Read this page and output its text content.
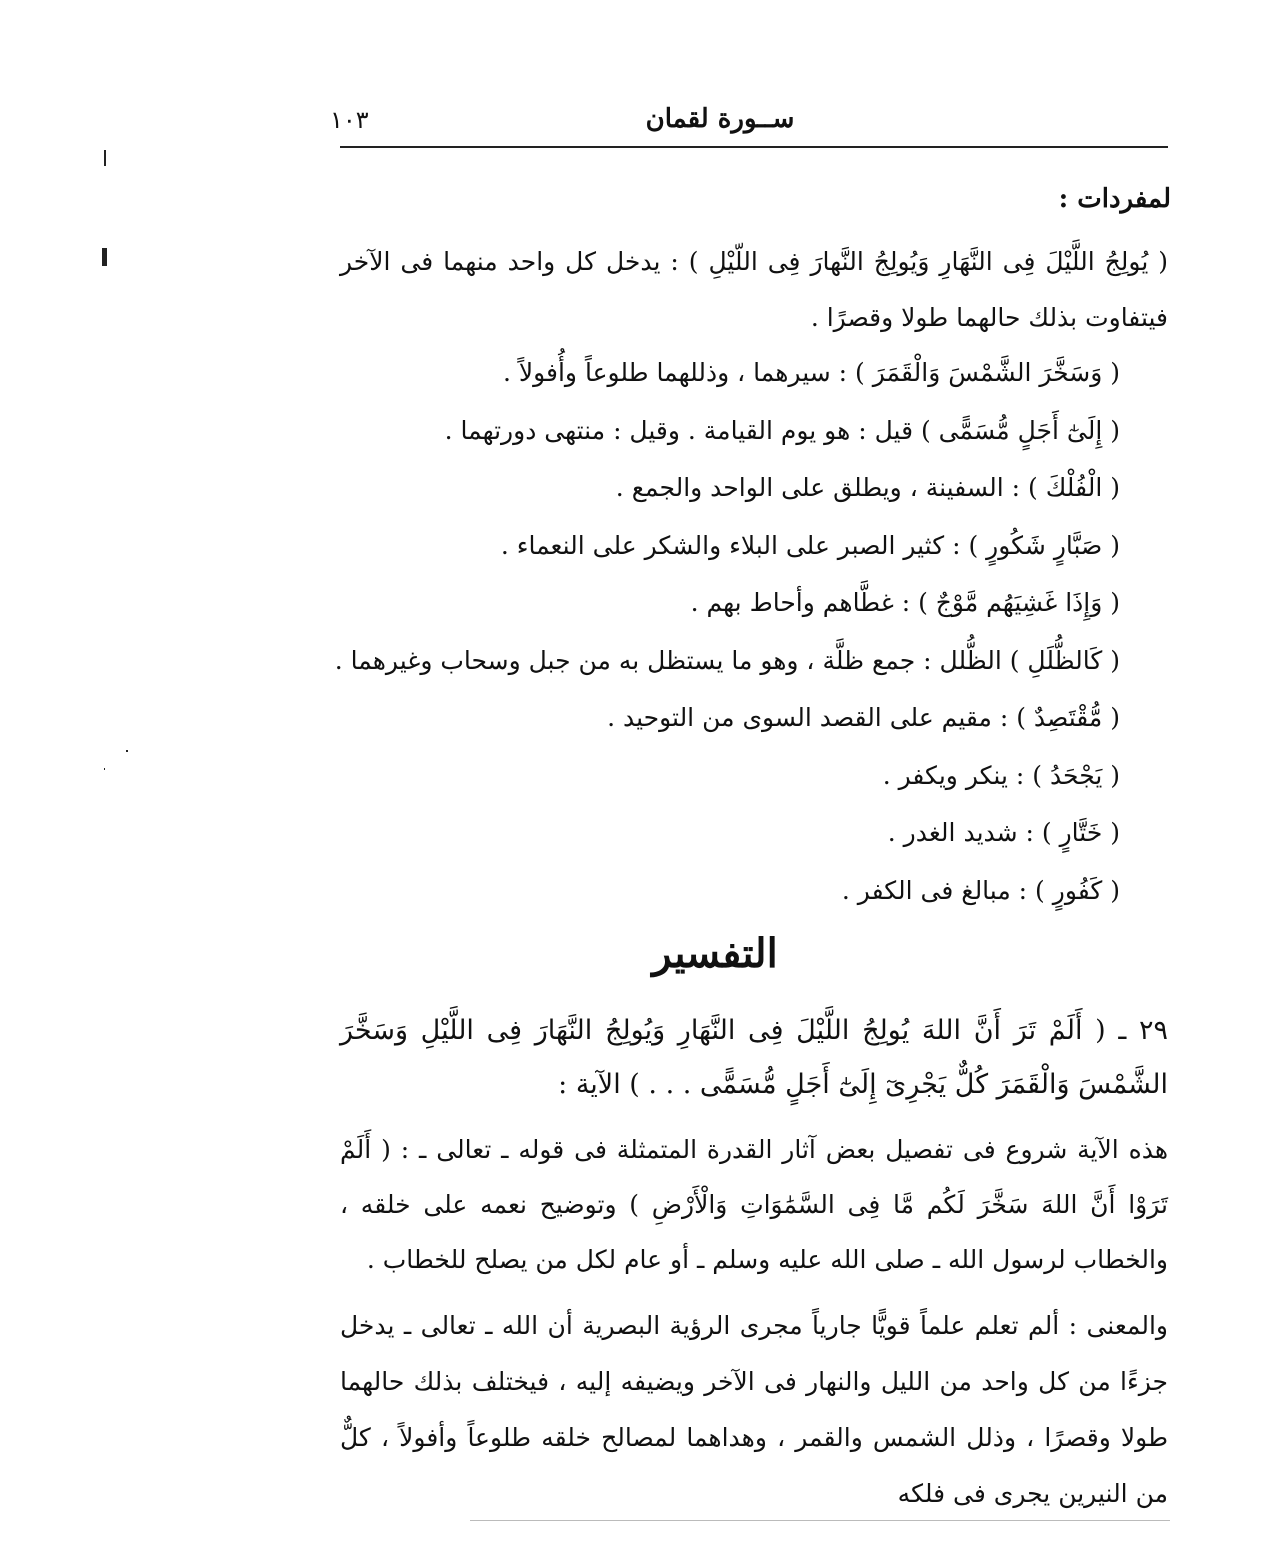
ســورة لقمان
١٠٣
لمفردات :
( يُولِجُ اللَّيْلَ فِى النَّهَارِ وَيُولِجُ النَّهارَ فِى اللّيْلِ ) : يدخل كل واحد منهما فى الآخر
فيتفاوت بذلك حالهما طولا وقصرًا .
( وَسَخَّرَ الشَّمْسَ وَالْقَمَرَ ) : سيرهما ، وذللهما طلوعاً وأُفولاً .
( إِلَىٰٓ أَجَلٍ مُّسَمًّى ) قيل : هو يوم القيامة . وقيل : منتهى دورتهما .
( الْفُلْكَ ) : السفينة ، ويطلق على الواحد والجمع .
( صَبَّارٍ شَكُورٍ ) : كثير الصبر على البلاء والشكر على النعماء .
( وَإِذَا غَشِيَهُم مَّوْجٌ ) : غطَّاهم وأحاط بهم .
( كَالظُّلَلِ ) الظُّلل : جمع ظلَّة ، وهو ما يستظل به من جبل وسحاب وغيرهما .
( مُّقْتَصِدٌ ) : مقيم على القصد السوى من التوحيد .
( يَجْحَدُ ) : ينكر ويكفر .
( خَتَّارٍ ) : شديد الغدر .
( كَفُورٍ ) : مبالغ فى الكفر .
التفسير
٢٩ ـ ( أَلَمْ تَرَ أَنَّ اللهَ يُولِجُ اللَّيْلَ فِى النَّهَارِ وَيُولِجُ النَّهَارَ فِى اللَّيْلِ وَسَخَّرَ الشَّمْسَ وَالْقَمَرَ كُلٌّ يَجْرِىٓ إِلَىٰٓ أَجَلٍ مُّسَمًّى . . . ) الآية :
هذه الآية شروع فى تفصيل بعض آثار القدرة المتمثلة فى قوله ـ تعالى ـ : ( أَلَمْ تَرَوْا أَنَّ اللهَ سَخَّرَ لَكُم مَّا فِى السَّمَٰوَاتِ وَالْأَرْضِ ) وتوضيح نعمه على خلقه ، والخطاب لرسول الله ـ صلى الله عليه وسلم ـ أو عام لكل من يصلح للخطاب .
والمعنى : ألم تعلم علماً قويًّا جارياً مجرى الرؤية البصرية أن الله ـ تعالى ـ يدخل جزءًا من كل واحد من الليل والنهار فى الآخر ويضيفه إليه ، فيختلف بذلك حالهما طولا وقصرًا ، وذلل الشمس والقمر ، وهداهما لمصالح خلقه طلوعاً وأفولاً ، كلٌّ من النيرين يجرى فى فلكه
